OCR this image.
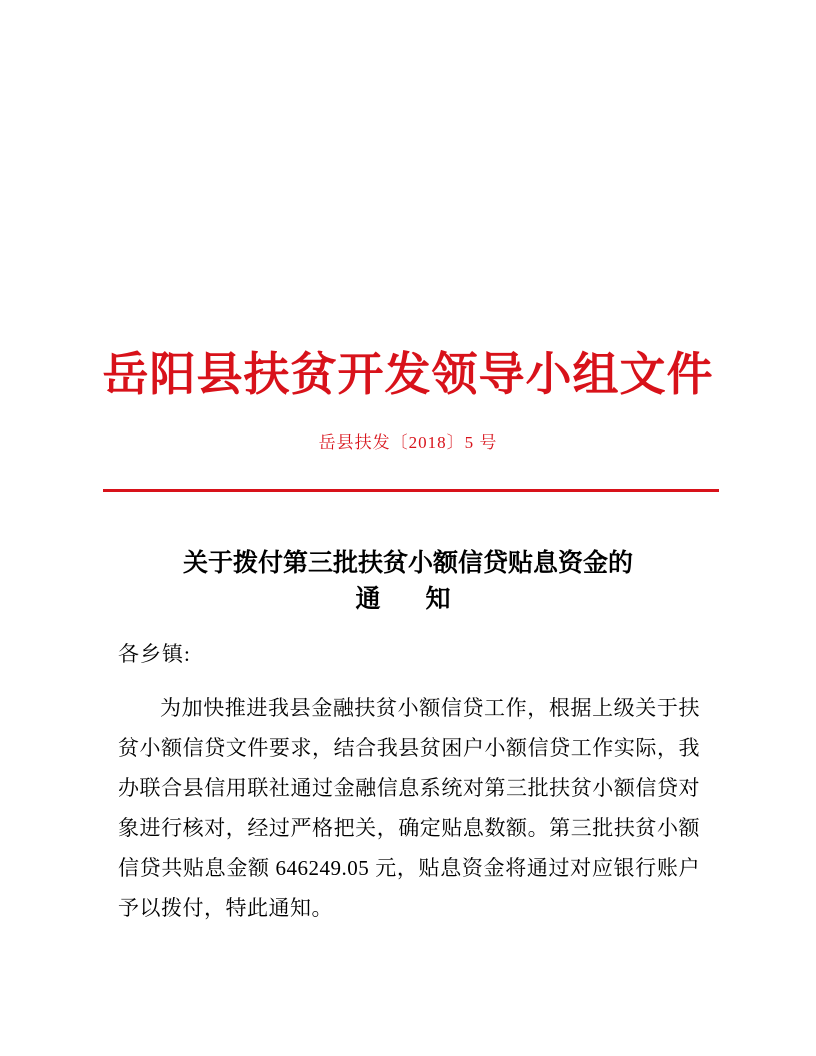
岳阳县扶贫开发领导小组文件
岳县扶发〔2018〕5 号
关于拨付第三批扶贫小额信贷贴息资金的
通　知
各乡镇:
为加快推进我县金融扶贫小额信贷工作，根据上级关于扶贫小额信贷文件要求，结合我县贫困户小额信贷工作实际，我办联合县信用联社通过金融信息系统对第三批扶贫小额信贷对象进行核对，经过严格把关，确定贴息数额。第三批扶贫小额信贷共贴息金额 646249.05 元，贴息资金将通过对应银行账户予以拨付，特此通知。
